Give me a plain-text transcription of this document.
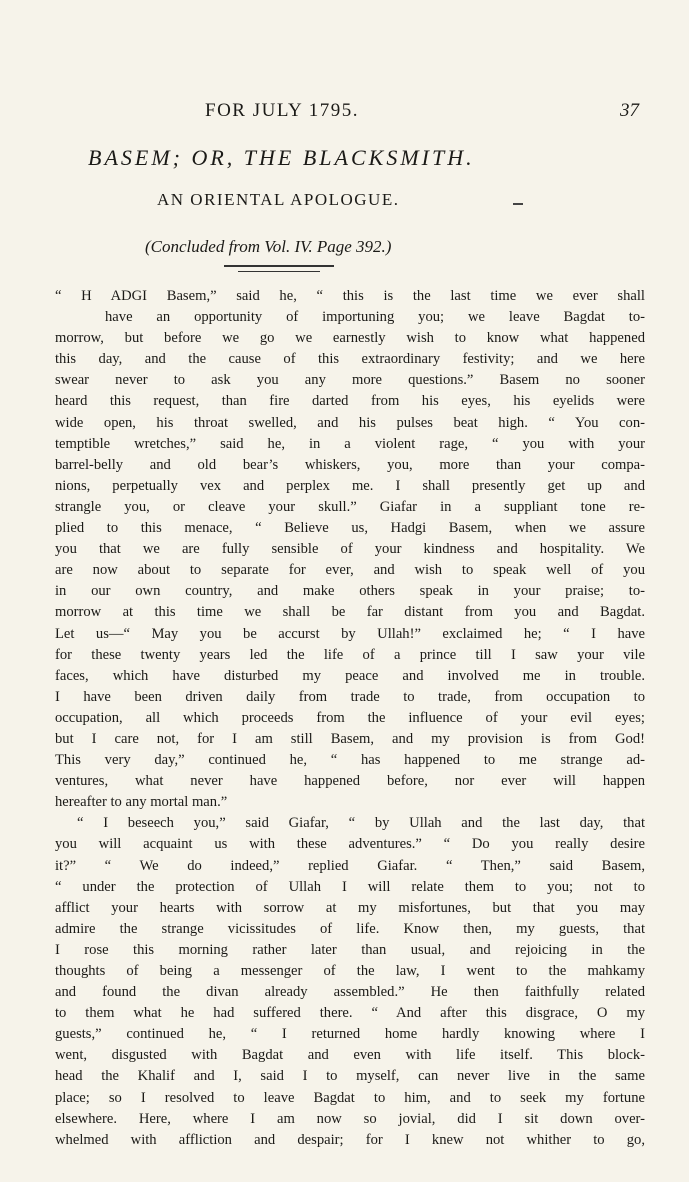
FOR JULY 1795.	37
BASEM; OR, THE BLACKSMITH.
AN ORIENTAL APOLOGUE.
(Concluded from Vol. IV. Page 392.)
“ H ADGI Basem,” said he, “ this is the last time we ever shall
have an opportunity of importuning you; we leave Bagdat to-
morrow, but before we go we earnestly wish to know what happened
this day, and the cause of this extraordinary festivity; and we here
swear never to ask you any more questions.” Basem no sooner
heard this request, than fire darted from his eyes, his eyelids were
wide open, his throat swelled, and his pulses beat high. “ You con-
temptible wretches,” said he, in a violent rage, “ you with your
barrel-belly and old bear’s whiskers, you, more than your compa-
nions, perpetually vex and perplex me. I shall presently get up and
strangle you, or cleave your skull.” Giafar in a suppliant tone re-
plied to this menace, “ Believe us, Hadgi Basem, when we assure
you that we are fully sensible of your kindness and hospitality. We
are now about to separate for ever, and wish to speak well of you
in our own country, and make others speak in your praise; to-
morrow at this time we shall be far distant from you and Bagdat.
Let us—“ May you be accurst by Ullah!” exclaimed he; “ I have
for these twenty years led the life of a prince till I saw your vile
faces, which have disturbed my peace and involved me in trouble.
I have been driven daily from trade to trade, from occupation to
occupation, all which proceeds from the influence of your evil eyes;
but I care not, for I am still Basem, and my provision is from God!
This very day,” continued he, “ has happened to me strange ad-
ventures, what never have happened before, nor ever will happen
hereafter to any mortal man.”
“ I beseech you,” said Giafar, “ by Ullah and the last day, that
you will acquaint us with these adventures.” “ Do you really desire
it?” “ We do indeed,” replied Giafar. “ Then,” said Basem,
“ under the protection of Ullah I will relate them to you; not to
afflict your hearts with sorrow at my misfortunes, but that you may
admire the strange vicissitudes of life. Know then, my guests, that
I rose this morning rather later than usual, and rejoicing in the
thoughts of being a messenger of the law, I went to the mahkamy
and found the divan already assembled.” He then faithfully related
to them what he had suffered there. “ And after this disgrace, O my
guests,” continued he, “ I returned home hardly knowing where I
went, disgusted with Bagdat and even with life itself. This block-
head the Khalif and I, said I to myself, can never live in the same
place; so I resolved to leave Bagdat to him, and to seek my fortune
elsewhere. Here, where I am now so jovial, did I sit down over-
whelmed with affliction and despair; for I knew not whither to go,
